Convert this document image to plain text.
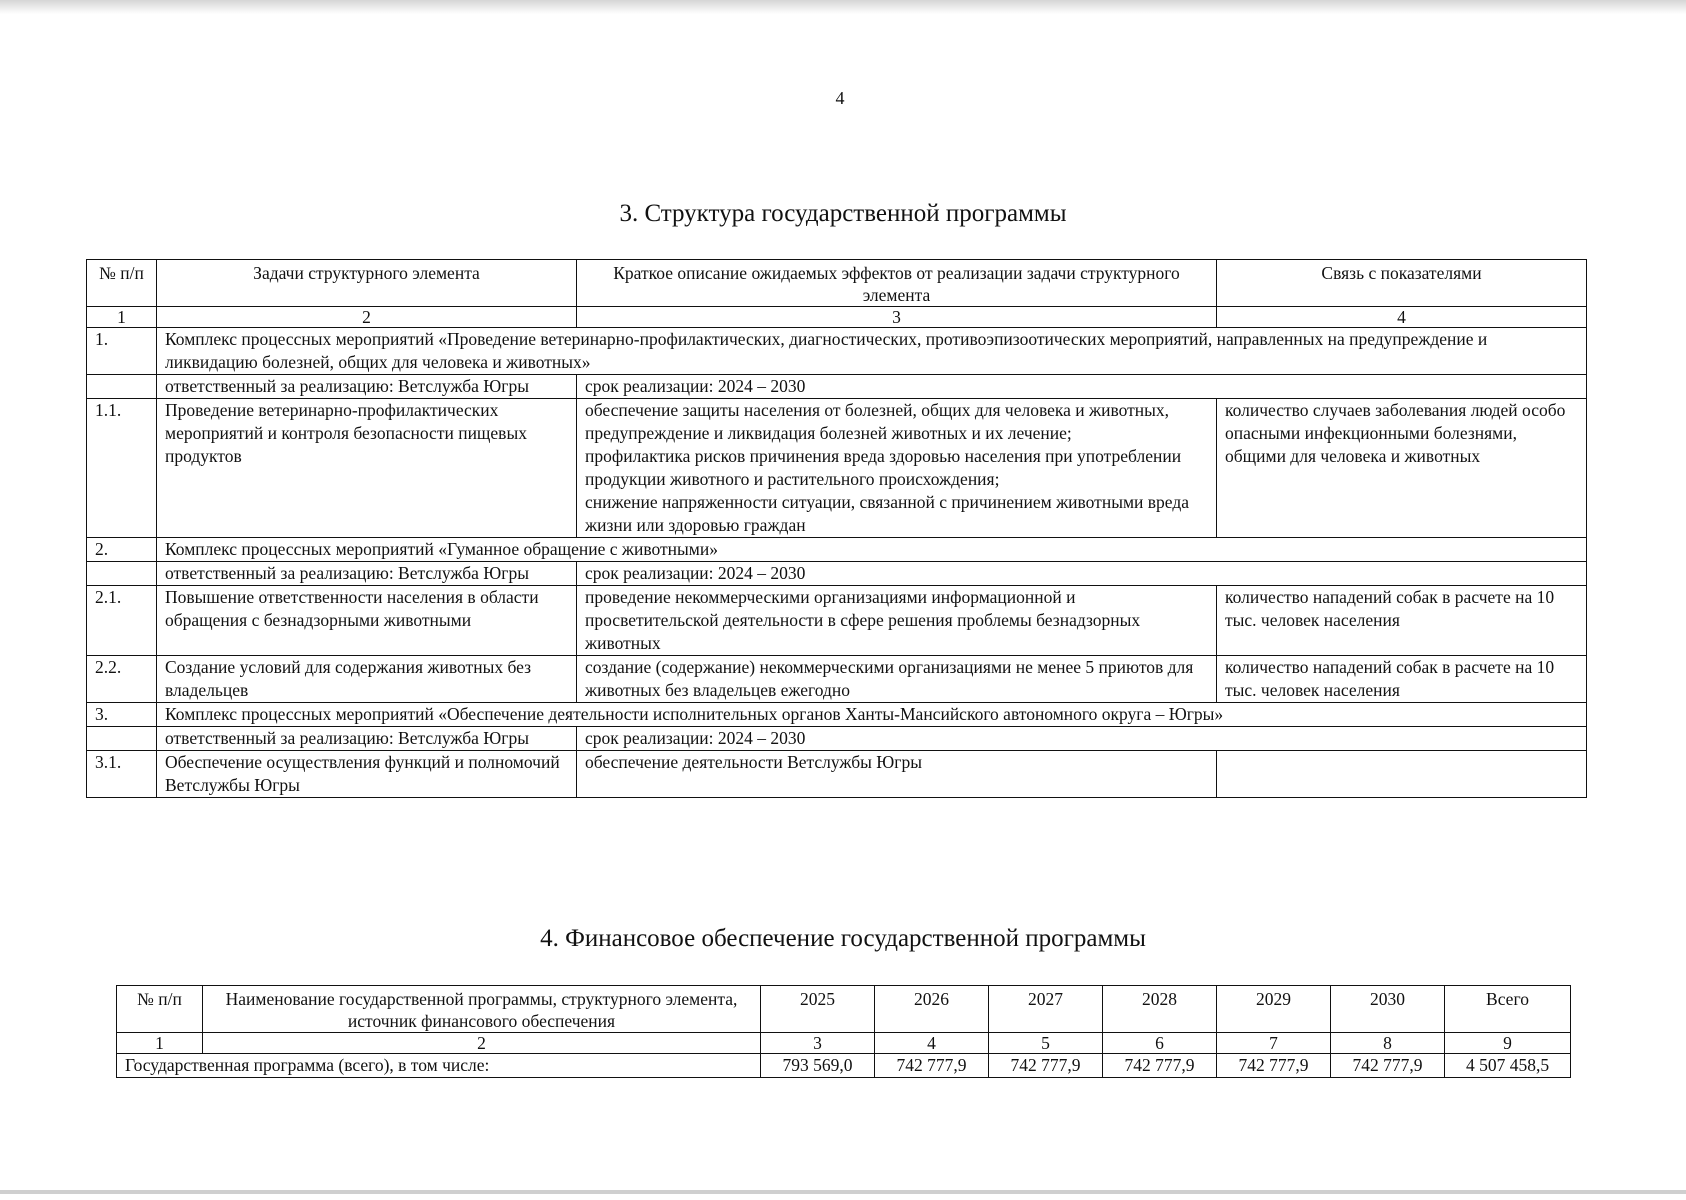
4
3. Структура государственной программы
№ п/п	Задачи структурного элемента	Краткое описание ожидаемых эффектов от реализации задачи структурного элемента	Связь с показателями
1	2	3	4
1.	Комплекс процессных мероприятий «Проведение ветеринарно-профилактических, диагностических, противоэпизоотических мероприятий, направленных на предупреждение и ликвидацию болезней, общих для человека и животных»		
	ответственный за реализацию: Ветслужба Югры	срок реализации: 2024 – 2030	
1.1.	Проведение ветеринарно-профилактических мероприятий и контроля безопасности пищевых продуктов	обеспечение защиты населения от болезней, общих для человека и животных, предупреждение и ликвидация болезней животных и их лечение;
профилактика рисков причинения вреда здоровью населения при употреблении продукции животного и растительного происхождения;
снижение напряженности ситуации, связанной с причинением животными вреда жизни или здоровью граждан	количество случаев заболевания людей особо опасными инфекционными болезнями, общими для человека и животных
2.	Комплекс процессных мероприятий «Гуманное обращение с животными»		
	ответственный за реализацию: Ветслужба Югры	срок реализации: 2024 – 2030	
2.1.	Повышение ответственности населения в области обращения с безнадзорными животными	проведение некоммерческими организациями информационной и просветительской деятельности в сфере решения проблемы безнадзорных животных	количество нападений собак в расчете на 10 тыс. человек населения
2.2.	Создание условий для содержания животных без владельцев	создание (содержание) некоммерческими организациями не менее 5 приютов для животных без владельцев ежегодно	количество нападений собак в расчете на 10 тыс. человек населения
3.	Комплекс процессных мероприятий «Обеспечение деятельности исполнительных органов Ханты-Мансийского автономного округа – Югры»		
	ответственный за реализацию: Ветслужба Югры	срок реализации: 2024 – 2030	
3.1.	Обеспечение осуществления функций и полномочий Ветслужбы Югры	обеспечение деятельности Ветслужбы Югры	
4. Финансовое обеспечение государственной программы
№ п/п	Наименование государственной программы, структурного элемента, источник финансового обеспечения	2025	2026	2027	2028	2029	2030	Всего
1	2	3	4	5	6	7	8	9
Государственная программа (всего), в том числе:		793 569,0	742 777,9	742 777,9	742 777,9	742 777,9	742 777,9	4 507 458,5
